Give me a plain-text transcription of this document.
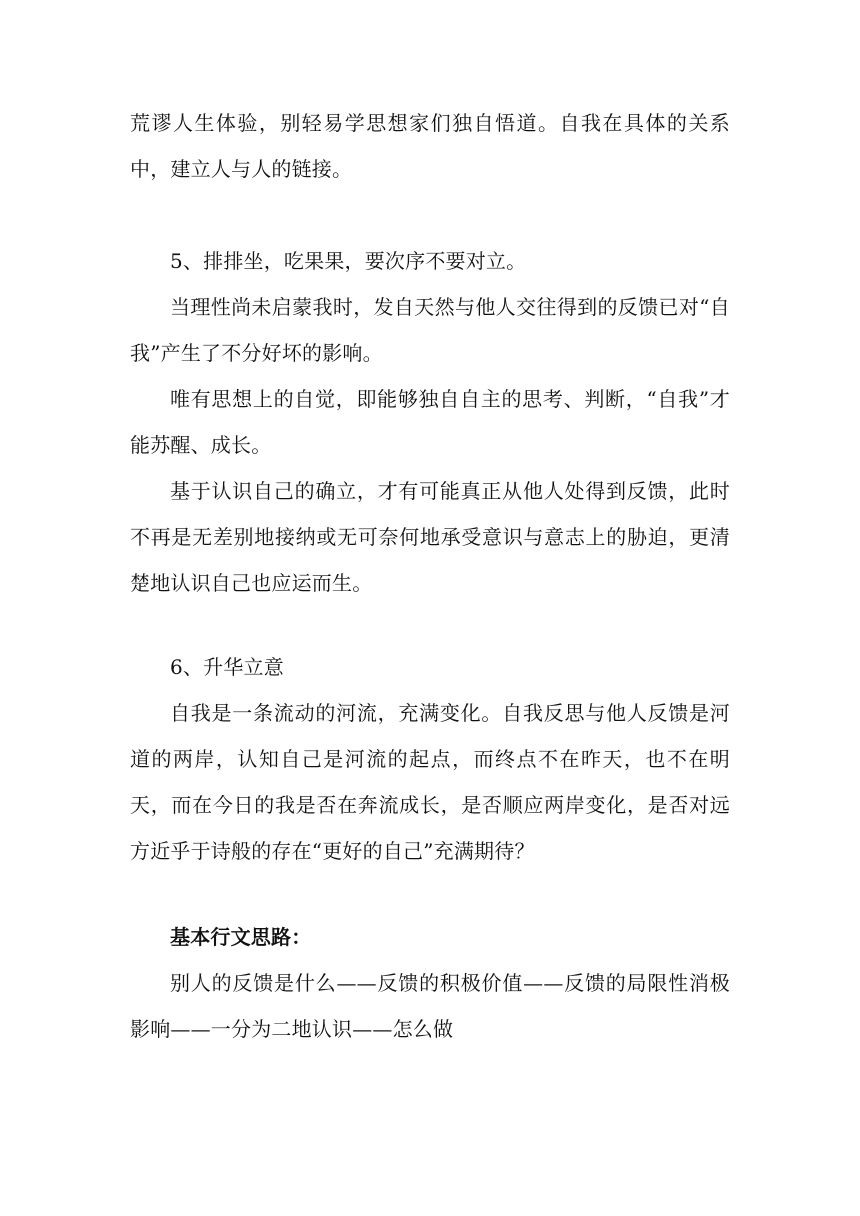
荒谬人生体验，别轻易学思想家们独自悟道。自我在具体的关系中，建立人与人的链接。

5、排排坐，吃果果，要次序不要对立。

当理性尚未启蒙我时，发自天然与他人交往得到的反馈已对“自我”产生了不分好坏的影响。

唯有思想上的自觉，即能够独自自主的思考、判断，“自我”才能苏醒、成长。

基于认识自己的确立，才有可能真正从他人处得到反馈，此时不再是无差别地接纳或无可奈何地承受意识与意志上的胁迫，更清楚地认识自己也应运而生。

6、升华立意

自我是一条流动的河流，充满变化。自我反思与他人反馈是河道的两岸，认知自己是河流的起点，而终点不在昨天，也不在明天，而在今日的我是否在奔流成长，是否顺应两岸变化，是否对远方近乎于诗般的存在“更好的自己”充满期待？

基本行文思路：

别人的反馈是什么——反馈的积极价值——反馈的局限性消极影响——一分为二地认识——怎么做
